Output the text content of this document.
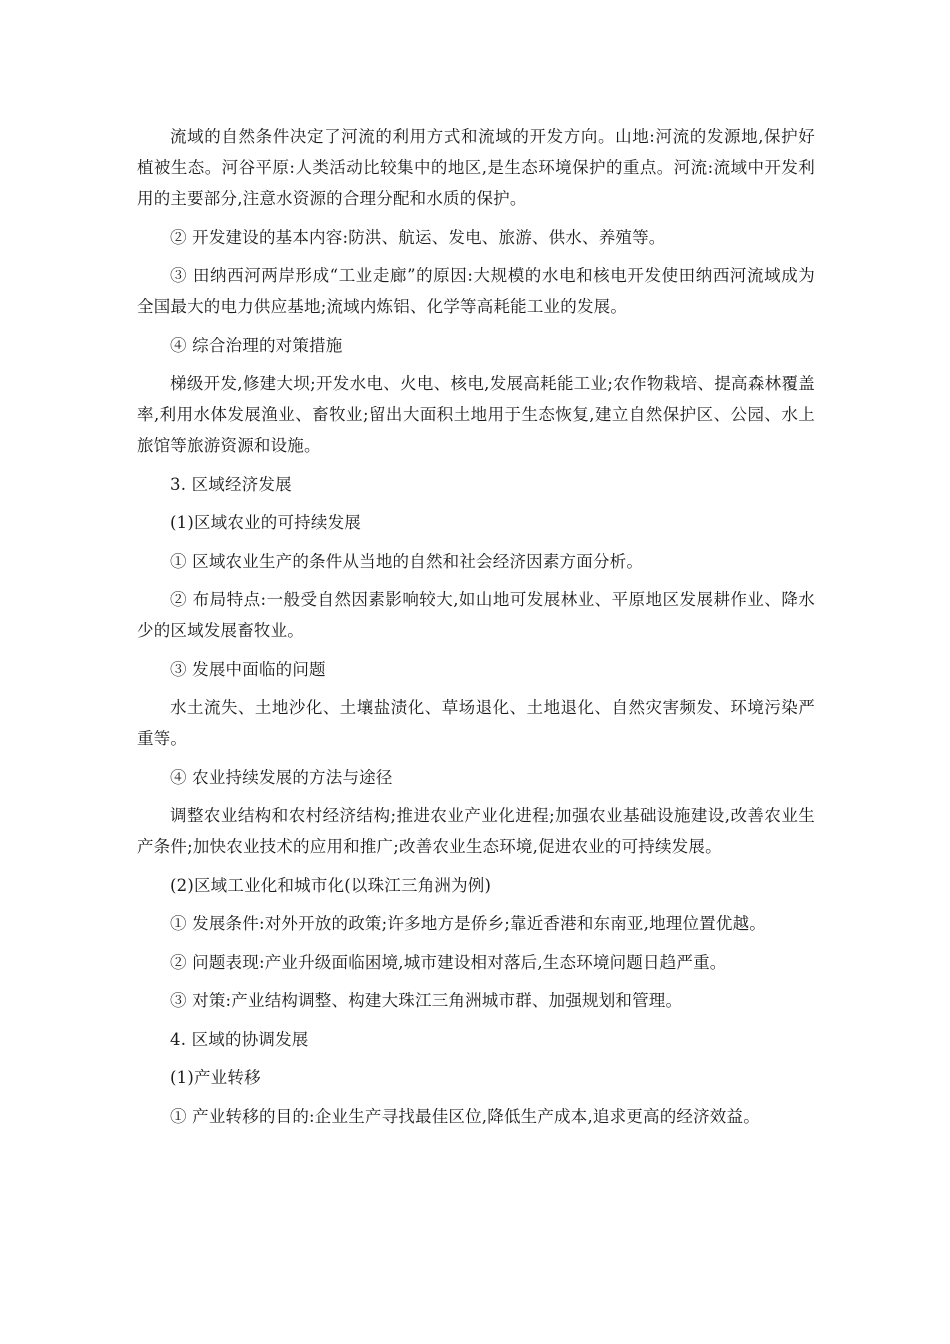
流域的自然条件决定了河流的利用方式和流域的开发方向。山地:河流的发源地,保护好植被生态。河谷平原:人类活动比较集中的地区,是生态环境保护的重点。河流:流域中开发利用的主要部分,注意水资源的合理分配和水质的保护。

② 开发建设的基本内容:防洪、航运、发电、旅游、供水、养殖等。

③ 田纳西河两岸形成“工业走廊”的原因:大规模的水电和核电开发使田纳西河流域成为全国最大的电力供应基地;流域内炼铝、化学等高耗能工业的发展。

④ 综合治理的对策措施

梯级开发,修建大坝;开发水电、火电、核电,发展高耗能工业;农作物栽培、提高森林覆盖率,利用水体发展渔业、畜牧业;留出大面积土地用于生态恢复,建立自然保护区、公园、水上旅馆等旅游资源和设施。

3. 区域经济发展

(1)区域农业的可持续发展

① 区域农业生产的条件从当地的自然和社会经济因素方面分析。

② 布局特点:一般受自然因素影响较大,如山地可发展林业、平原地区发展耕作业、降水少的区域发展畜牧业。

③ 发展中面临的问题

水土流失、土地沙化、土壤盐渍化、草场退化、土地退化、自然灾害频发、环境污染严重等。

④ 农业持续发展的方法与途径

调整农业结构和农村经济结构;推进农业产业化进程;加强农业基础设施建设,改善农业生产条件;加快农业技术的应用和推广;改善农业生态环境,促进农业的可持续发展。

(2)区域工业化和城市化(以珠江三角洲为例)

① 发展条件:对外开放的政策;许多地方是侨乡;靠近香港和东南亚,地理位置优越。

② 问题表现:产业升级面临困境,城市建设相对落后,生态环境问题日趋严重。

③ 对策:产业结构调整、构建大珠江三角洲城市群、加强规划和管理。

4. 区域的协调发展

(1)产业转移

① 产业转移的目的:企业生产寻找最佳区位,降低生产成本,追求更高的经济效益。
